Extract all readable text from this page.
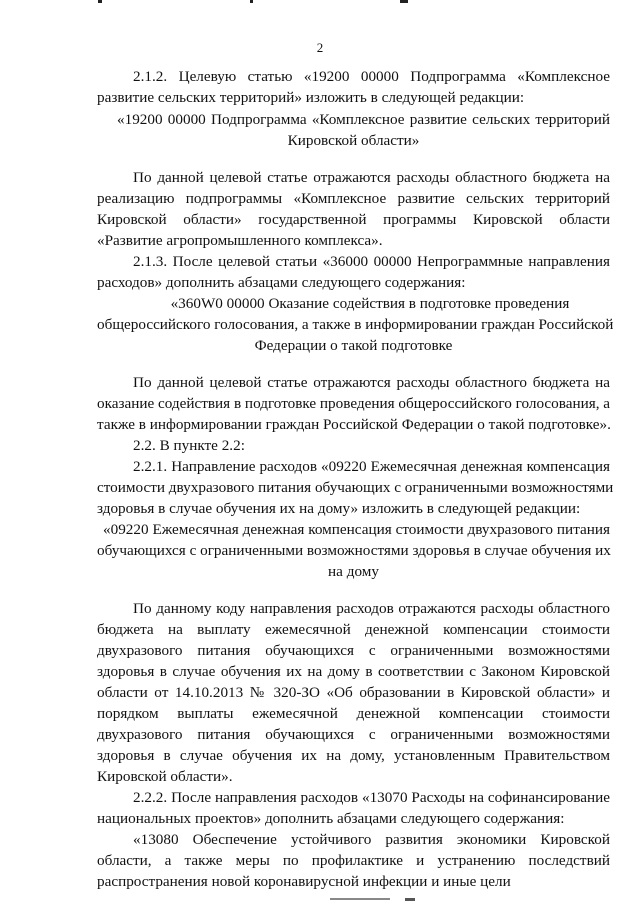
2
2.1.2. Целевую статью «19200 00000 Подпрограмма «Комплексное
развитие сельских территорий» изложить в следующей редакции:
«19200 00000 Подпрограмма «Комплексное развитие сельских территорий
Кировской области»
По данной целевой статье отражаются расходы областного бюджета на
реализацию подпрограммы «Комплексное развитие сельских территорий
Кировской области» государственной программы Кировской области
«Развитие агропромышленного комплекса».
2.1.3. После целевой статьи «36000 00000 Непрограммные направления
расходов» дополнить абзацами следующего содержания:
«360W0 00000 Оказание содействия в подготовке проведения
общероссийского голосования, а также в информировании граждан Российской
Федерации о такой подготовке
По данной целевой статье отражаются расходы областного бюджета на
оказание содействия в подготовке проведения общероссийского голосования, а
также в информировании граждан Российской Федерации о такой подготовке».
2.2. В пункте 2.2:
2.2.1. Направление расходов «09220 Ежемесячная денежная компенсация
стоимости двухразового питания обучающих с ограниченными возможностями
здоровья в случае обучения их на дому» изложить в следующей редакции:
«09220 Ежемесячная денежная компенсация стоимости двухразового питания
обучающихся с ограниченными возможностями здоровья в случае обучения их
на дому
По данному коду направления расходов отражаются расходы областного
бюджета на выплату ежемесячной денежной компенсации стоимости
двухразового питания обучающихся с ограниченными возможностями
здоровья в случае обучения их на дому в соответствии с Законом Кировской
области от 14.10.2013 № 320-ЗО «Об образовании в Кировской области» и
порядком выплаты ежемесячной денежной компенсации стоимости
двухразового питания обучающихся с ограниченными возможностями
здоровья в случае обучения их на дому, установленным Правительством
Кировской области».
2.2.2. После направления расходов «13070 Расходы на софинансирование
национальных проектов» дополнить абзацами следующего содержания:
«13080 Обеспечение устойчивого развития экономики Кировской
области, а также меры по профилактике и устранению последствий
распространения новой коронавирусной инфекции и иные цели
